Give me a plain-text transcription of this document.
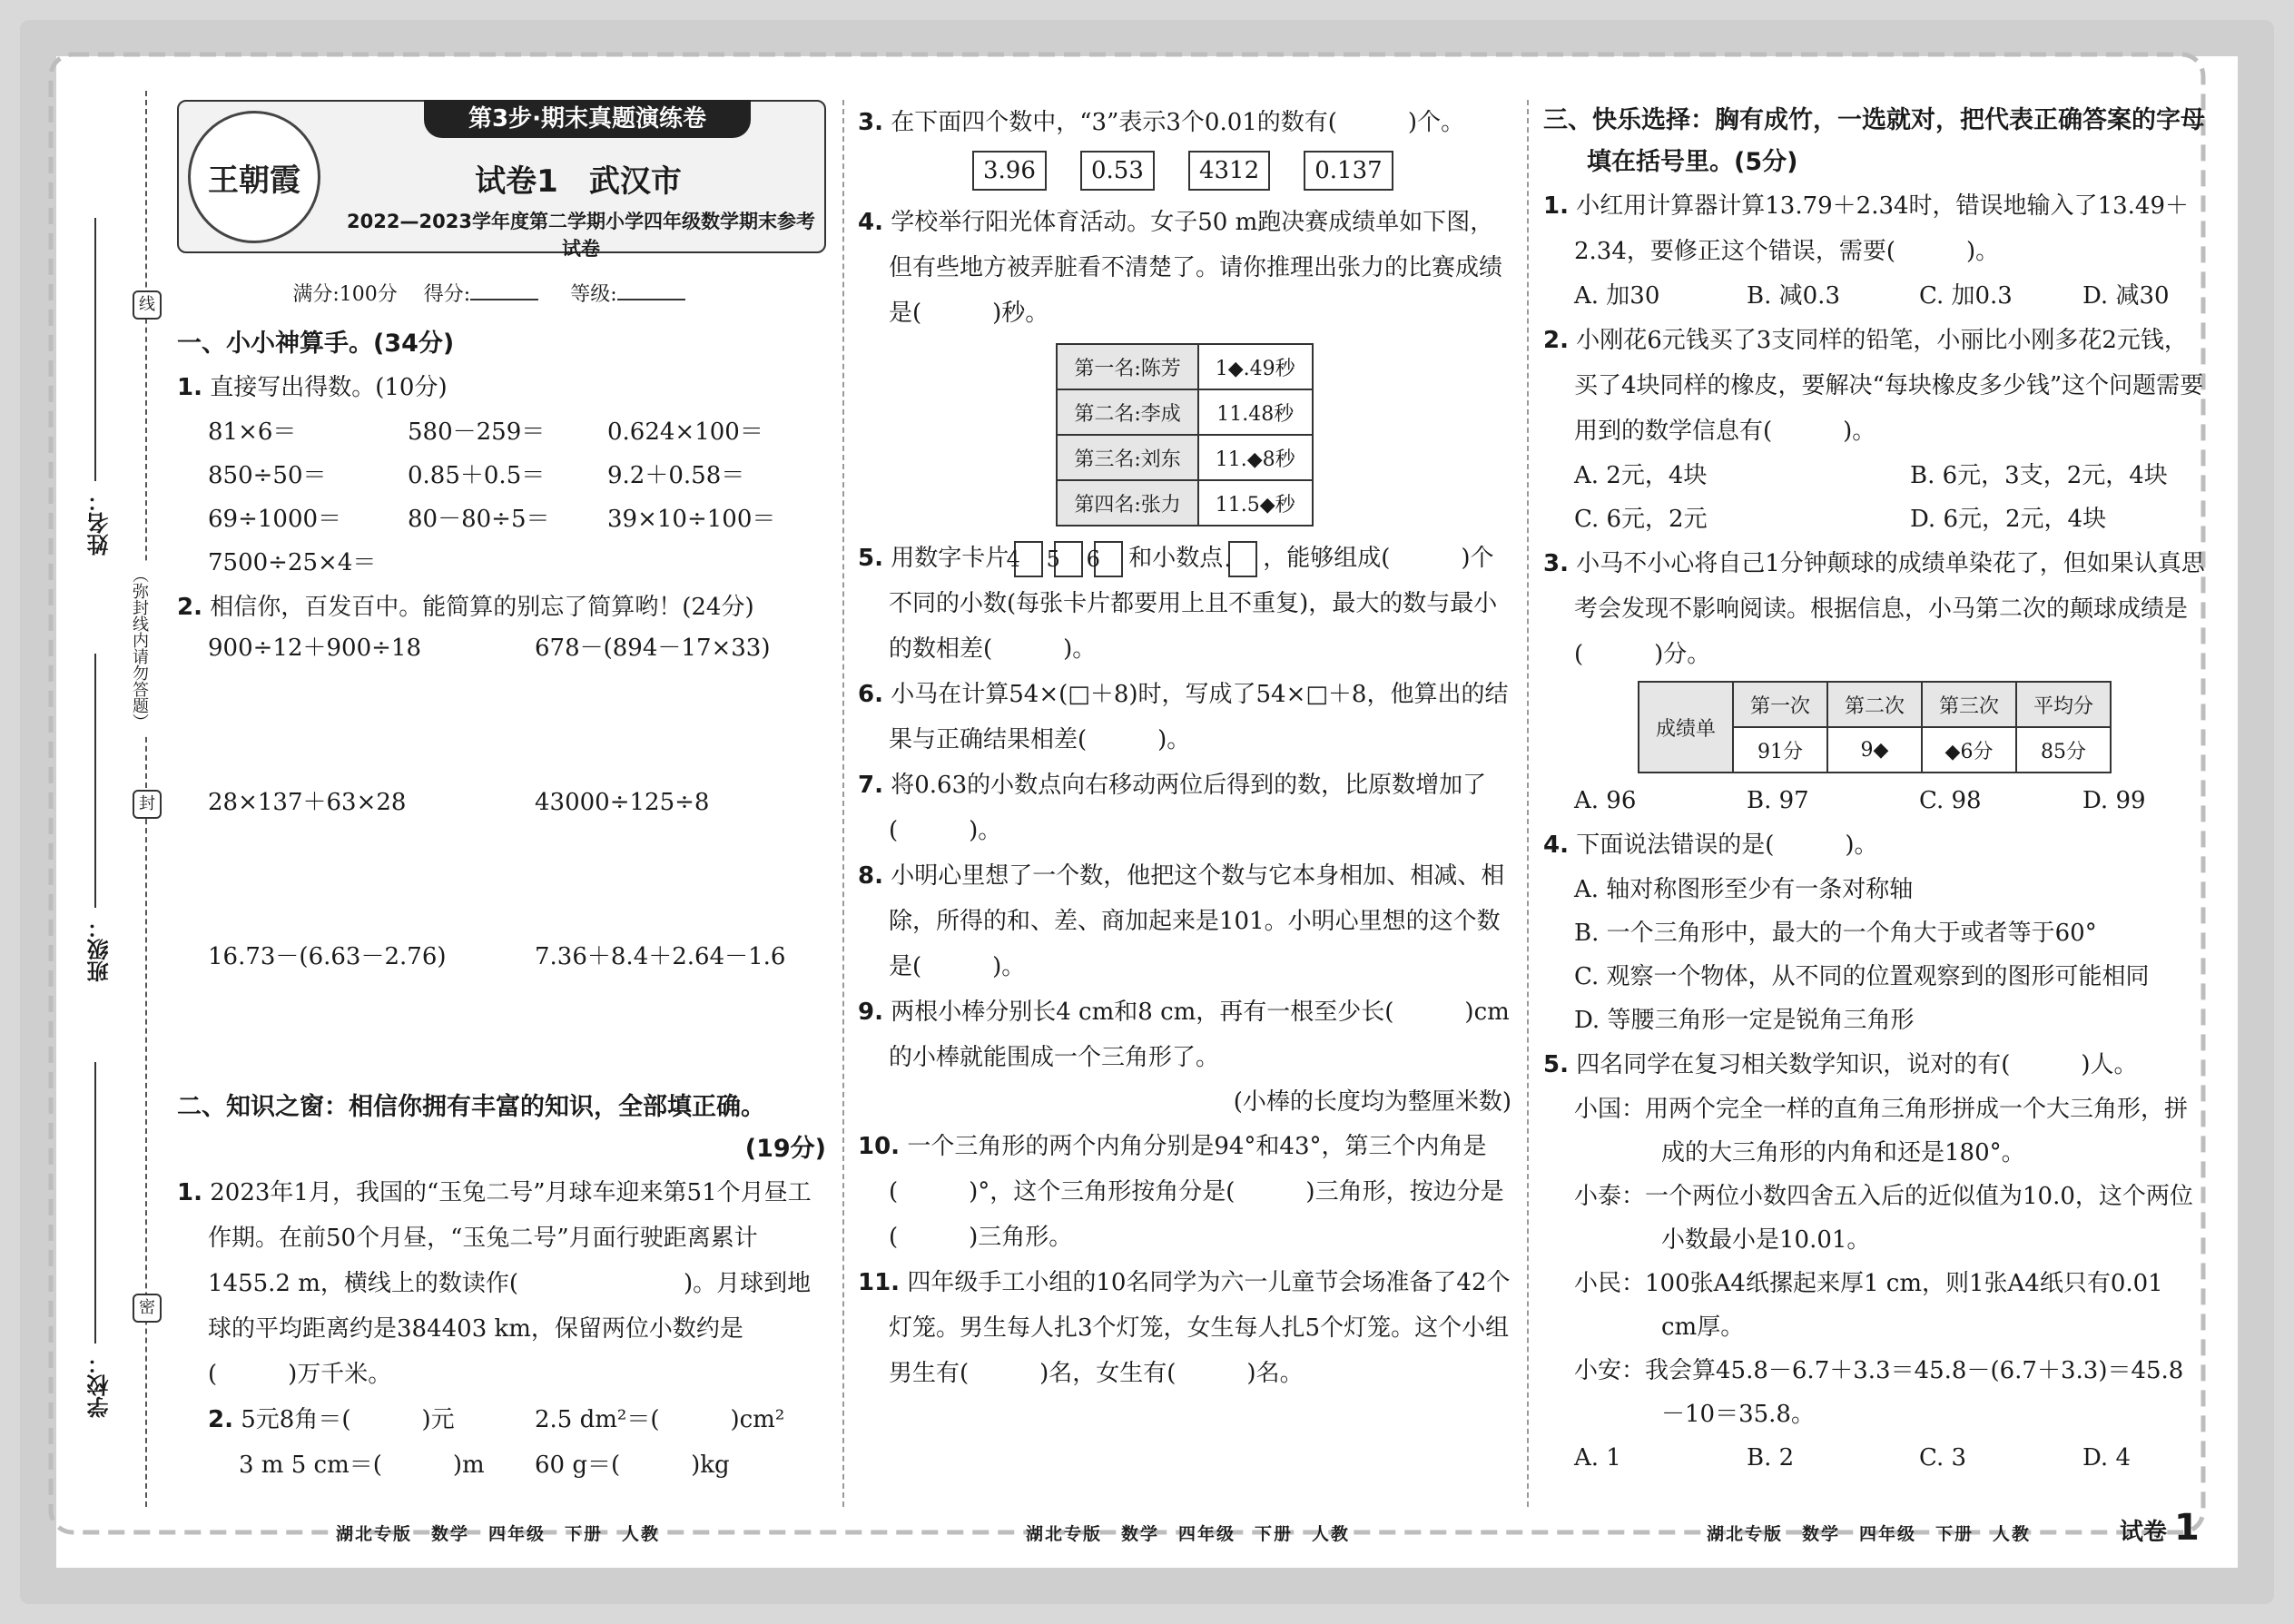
姓名：
班级：
学校：
线
（弥封线内请勿答题）
封
密
王朝霞
第3步·期末真题演练卷
试卷1　武汉市
2022—2023学年度第二学期小学四年级数学期末参考试卷
满分:100分　 得分:	等级:
一、小小神算手。(34分)
1. 直接写出得数。(10分)
81×6＝	580－259＝	0.624×100＝
850÷50＝	0.85＋0.5＝	9.2＋0.58＝
69÷1000＝	80－80÷5＝	39×10÷100＝
7500÷25×4＝
2. 相信你，百发百中。能简算的别忘了简算哟！(24分)
900÷12＋900÷18	678－(894－17×33)
28×137＋63×28	43000÷125÷8
16.73－(6.63－2.76)	7.36＋8.4＋2.64－1.6
二、知识之窗：相信你拥有丰富的知识，全部填正确。
(19分)
1. 2023年1月，我国的“玉兔二号”月球车迎来第51个月昼工作期。在前50个月昼，“玉兔二号”月面行驶距离累计1455.2 m，横线上的数读作(　　　　　　　)。月球到地球的平均距离约是384403 km，保留两位小数约是(　　　)万千米。
2. 5元8角＝(　　　)元	2.5 dm²＝(　　　)cm²
3 m 5 cm＝(　　　)m	60 g＝(　　　)kg
3. 在下面四个数中，“3”表示3个0.01的数有(　　　)个。
3.96 0.53 4312 0.137
4. 学校举行阳光体育活动。女子50 m跑决赛成绩单如下图，但有些地方被弄脏看不清楚了。请你推理出张力的比赛成绩是(　　　)秒。
第一名:陈芳	1◆.49秒
第二名:李成	11.48秒
第三名:刘东	11.◆8秒
第四名:张力	11.5◆秒
5. 用数字卡片4 5 6 和小数点. ，能够组成(　　　)个不同的小数(每张卡片都要用上且不重复)，最大的数与最小的数相差(　　　)。
6. 小马在计算54×(□＋8)时，写成了54×□＋8，他算出的结果与正确结果相差(　　　)。
7. 将0.63的小数点向右移动两位后得到的数，比原数增加了(　　　)。
8. 小明心里想了一个数，他把这个数与它本身相加、相减、相除，所得的和、差、商加起来是101。小明心里想的这个数是(　　　)。
9. 两根小棒分别长4 cm和8 cm，再有一根至少长(　　　)cm的小棒就能围成一个三角形了。
(小棒的长度均为整厘米数)
10. 一个三角形的两个内角分别是94°和43°，第三个内角是(　　　)°，这个三角形按角分是(　　　)三角形，按边分是(　　　)三角形。
11. 四年级手工小组的10名同学为六一儿童节会场准备了42个灯笼。男生每人扎3个灯笼，女生每人扎5个灯笼。这个小组男生有(　　　)名，女生有(　　　)名。
三、快乐选择：胸有成竹，一选就对，把代表正确答案的字母填在括号里。(5分)
1. 小红用计算器计算13.79＋2.34时，错误地输入了13.49＋2.34，要修正这个错误，需要(　　　)。
A. 加30	B. 减0.3	C. 加0.3	D. 减30
2. 小刚花6元钱买了3支同样的铅笔，小丽比小刚多花2元钱，买了4块同样的橡皮，要解决“每块橡皮多少钱”这个问题需要用到的数学信息有(　　　)。
A. 2元，4块	B. 6元，3支，2元，4块
C. 6元，2元	D. 6元，2元，4块
3. 小马不小心将自己1分钟颠球的成绩单染花了，但如果认真思考会发现不影响阅读。根据信息，小马第二次的颠球成绩是(　　　)分。
成绩单	第一次	第二次	第三次	平均分
	91分	9◆	◆6分	85分
A. 96	B. 97	C. 98	D. 99
4. 下面说法错误的是(　　　)。
A. 轴对称图形至少有一条对称轴
B. 一个三角形中，最大的一个角大于或者等于60°
C. 观察一个物体，从不同的位置观察到的图形可能相同
D. 等腰三角形一定是锐角三角形
5. 四名同学在复习相关数学知识，说对的有(　　　)人。
小国：用两个完全一样的直角三角形拼成一个大三角形，拼成的大三角形的内角和还是180°。
小泰：一个两位小数四舍五入后的近似值为10.0，这个两位小数最小是10.01。
小民：100张A4纸摞起来厚1 cm，则1张A4纸只有0.01 cm厚。
小安：我会算45.8－6.7＋3.3＝45.8－(6.7＋3.3)＝45.8－10＝35.8。
A. 1	B. 2	C. 3	D. 4
湖北专版　数学　四年级　下册　人教	湖北专版　数学　四年级　下册　人教	湖北专版　数学　四年级　下册　人教	试卷 1
